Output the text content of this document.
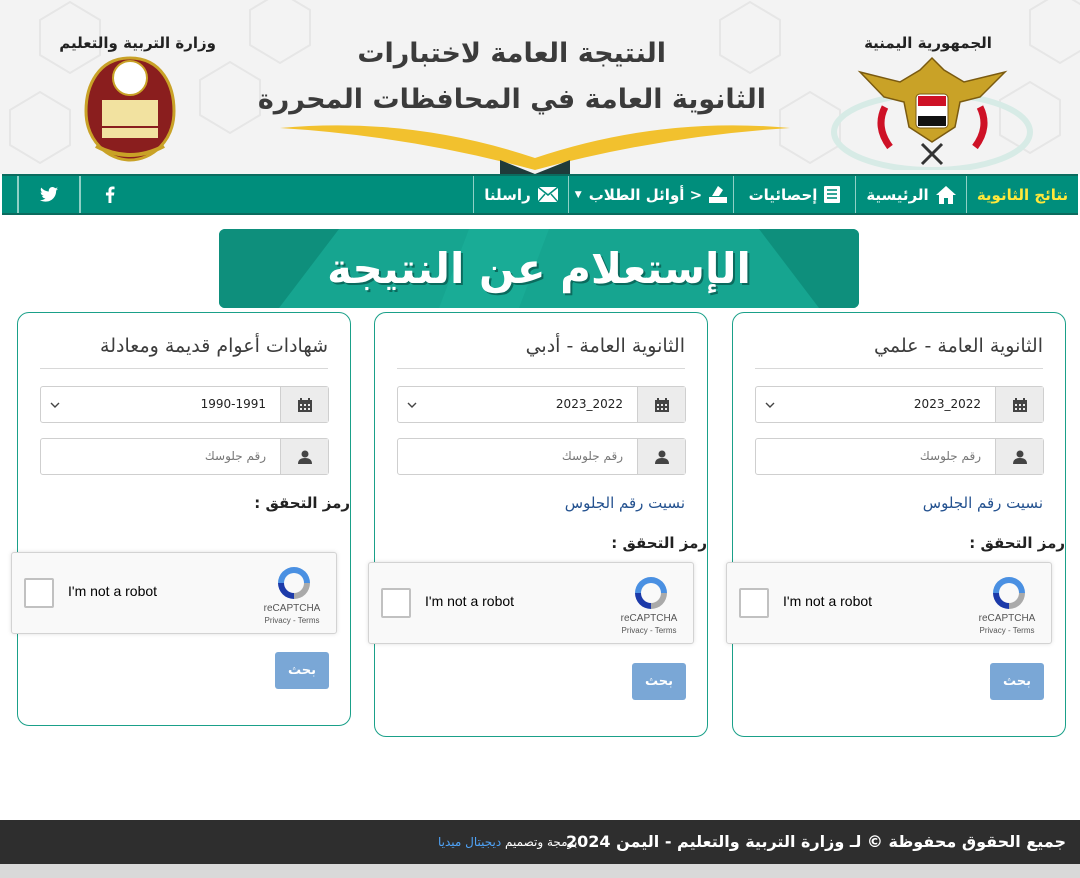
الجمهورية اليمنية
وزارة التربية والتعليم	النتيجة العامة لاختبارات
الثانوية العامة في المحافظات المحررة
راسلنا	< أوائل الطلاب
▼	إحصائيات	الرئيسية	نتائج الثانوية
الإستعلام عن النتيجة
الثانوية العامة - علمي
2023_2022
رقم جلوسك
نسيت رقم الجلوس
رمز التحقق :
I'm not a robot
reCAPTCHA
Privacy - Terms
بحث
الثانوية العامة - أدبي
2023_2022
رقم جلوسك
نسيت رقم الجلوس
رمز التحقق :
I'm not a robot
reCAPTCHA
Privacy - Terms
بحث
شهادات أعوام قديمة ومعادلة
1990-1991
رقم جلوسك
رمز التحقق :
I'm not a robot
reCAPTCHA
Privacy - Terms
بحث
جميع الحقوق محفوظة © لـ وزارة التربية والتعليم - اليمن 2024
برمجة وتصميم ديجيتال ميديا
